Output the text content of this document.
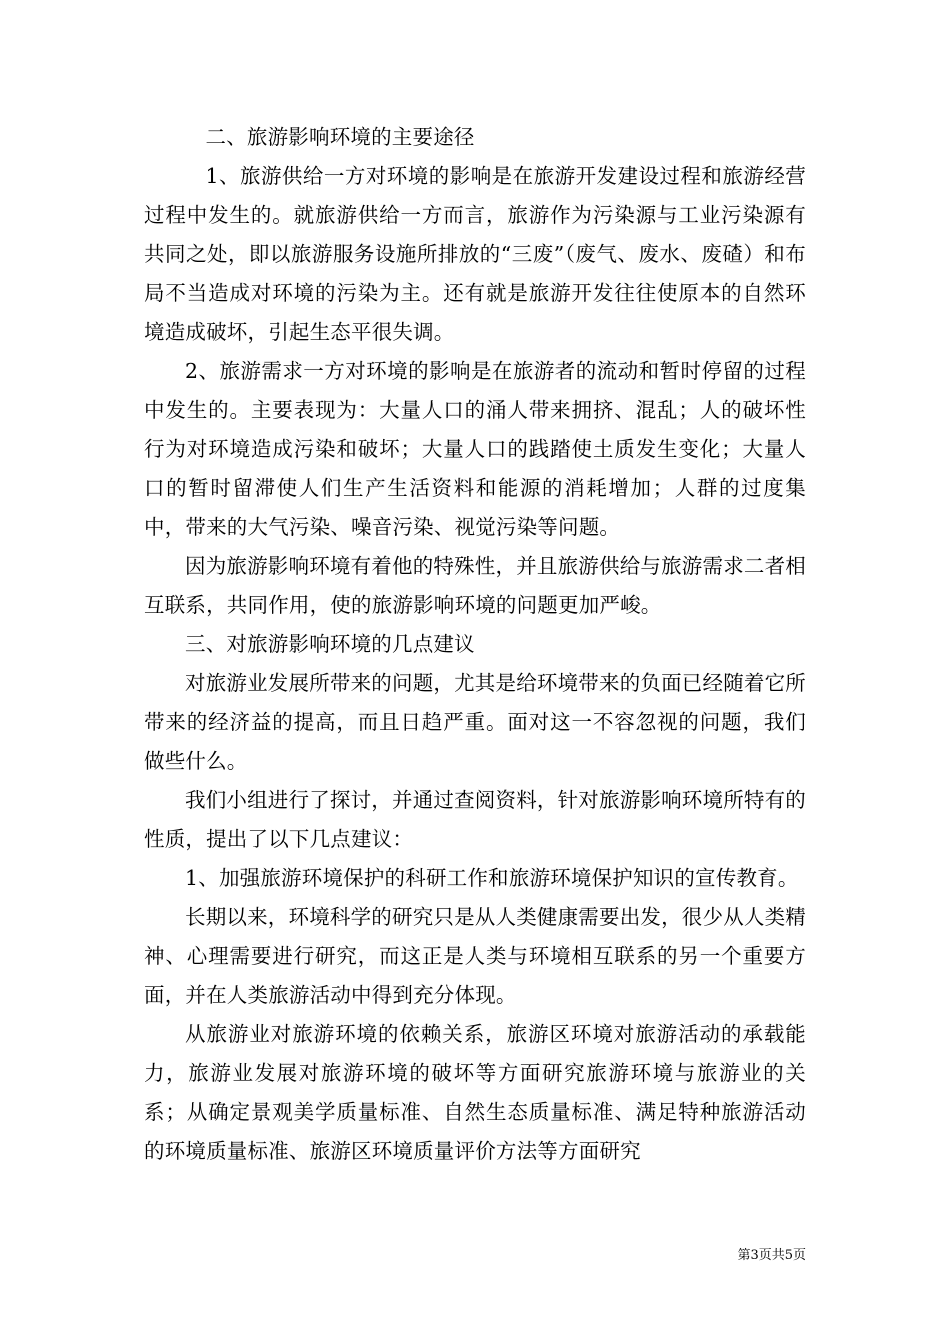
二、旅游影响环境的主要途径

1、旅游供给一方对环境的影响是在旅游开发建设过程和旅游经营过程中发生的。就旅游供给一方而言，旅游作为污染源与工业污染源有共同之处，即以旅游服务设施所排放的“三废”（废气、废水、废碴）和布局不当造成对环境的污染为主。还有就是旅游开发往往使原本的自然环境造成破坏，引起生态平很失调。

2、旅游需求一方对环境的影响是在旅游者的流动和暂时停留的过程中发生的。主要表现为：大量人口的涌人带来拥挤、混乱；人的破坏性行为对环境造成污染和破坏；大量人口的践踏使土质发生变化；大量人口的暂时留滞使人们生产生活资料和能源的消耗增加；人群的过度集中，带来的大气污染、噪音污染、视觉污染等问题。

因为旅游影响环境有着他的特殊性，并且旅游供给与旅游需求二者相互联系，共同作用，使的旅游影响环境的问题更加严峻。

三、对旅游影响环境的几点建议

对旅游业发展所带来的问题，尤其是给环境带来的负面已经随着它所带来的经济益的提高，而且日趋严重。面对这一不容忽视的问题，我们做些什么。

我们小组进行了探讨，并通过查阅资料，针对旅游影响环境所特有的性质，提出了以下几点建议：

1、加强旅游环境保护的科研工作和旅游环境保护知识的宣传教育。

长期以来，环境科学的研究只是从人类健康需要出发，很少从人类精神、心理需要进行研究，而这正是人类与环境相互联系的另一个重要方面，并在人类旅游活动中得到充分体现。

从旅游业对旅游环境的依赖关系，旅游区环境对旅游活动的承载能力，旅游业发展对旅游环境的破坏等方面研究旅游环境与旅游业的关系；从确定景观美学质量标准、自然生态质量标准、满足特种旅游活动的环境质量标准、旅游区环境质量评价方法等方面研究

第3页共5页
